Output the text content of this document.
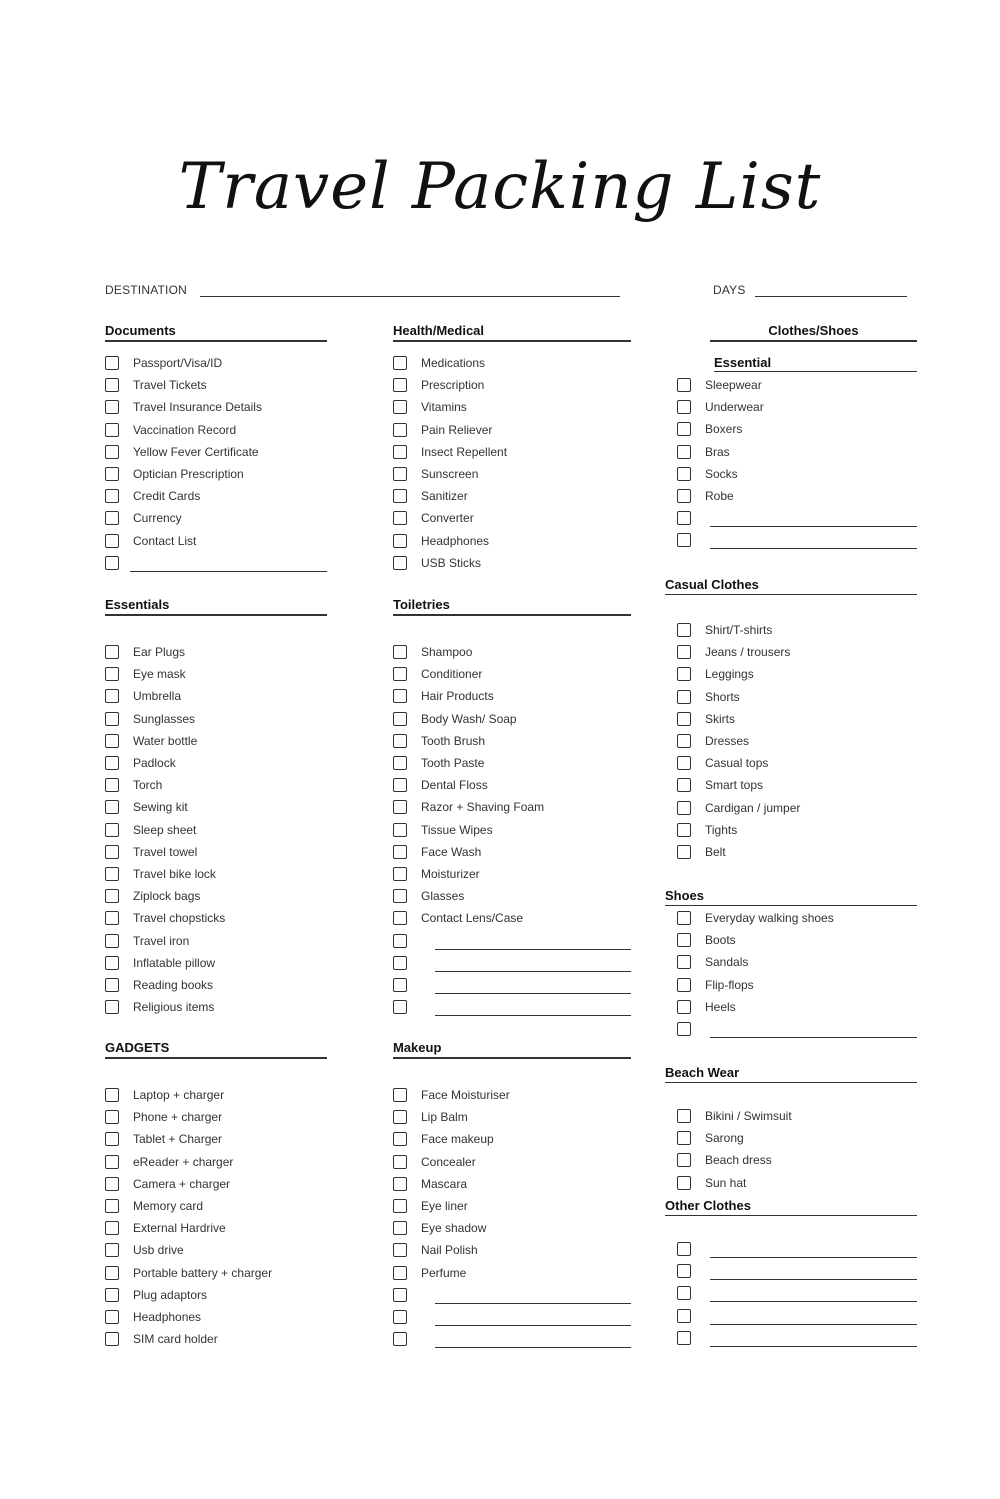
Travel Packing List
DESTINATION	DAYS
Documents
Passport/Visa/ID
Travel Tickets
Travel Insurance Details
Vaccination Record
Yellow Fever Certificate
Optician Prescription
Credit Cards
Currency
Contact List
Essentials
Ear Plugs
Eye mask
Umbrella
Sunglasses
Water bottle
Padlock
Torch
Sewing kit
Sleep sheet
Travel towel
Travel bike lock
Ziplock bags
Travel chopsticks
Travel iron
Inflatable pillow
Reading books
Religious items
GADGETS
Laptop + charger
Phone + charger
Tablet + Charger
eReader + charger
Camera + charger
Memory card
External Hardrive
Usb drive
Portable battery + charger
Plug adaptors
Headphones
SIM card holder
Health/Medical
Medications
Prescription
Vitamins
Pain Reliever
Insect Repellent
Sunscreen
Sanitizer
Converter
Headphones
USB Sticks
Toiletries
Shampoo
Conditioner
Hair Products
Body Wash/ Soap
Tooth Brush
Tooth Paste
Dental Floss
Razor + Shaving Foam
Tissue Wipes
Face Wash
Moisturizer
Glasses
Contact Lens/Case
Makeup
Face Moisturiser
Lip Balm
Face makeup
Concealer
Mascara
Eye liner
Eye shadow
Nail Polish
Perfume
Clothes/Shoes
Essential
Sleepwear
Underwear
Boxers
Bras
Socks
Robe
Casual Clothes
Shirt/T-shirts
Jeans / trousers
Leggings
Shorts
Skirts
Dresses
Casual tops
Smart tops
Cardigan / jumper
Tights
Belt
Shoes
Everyday walking shoes
Boots
Sandals
Flip-flops
Heels
Beach Wear
Bikini / Swimsuit
Sarong
Beach dress
Sun hat
Other Clothes
